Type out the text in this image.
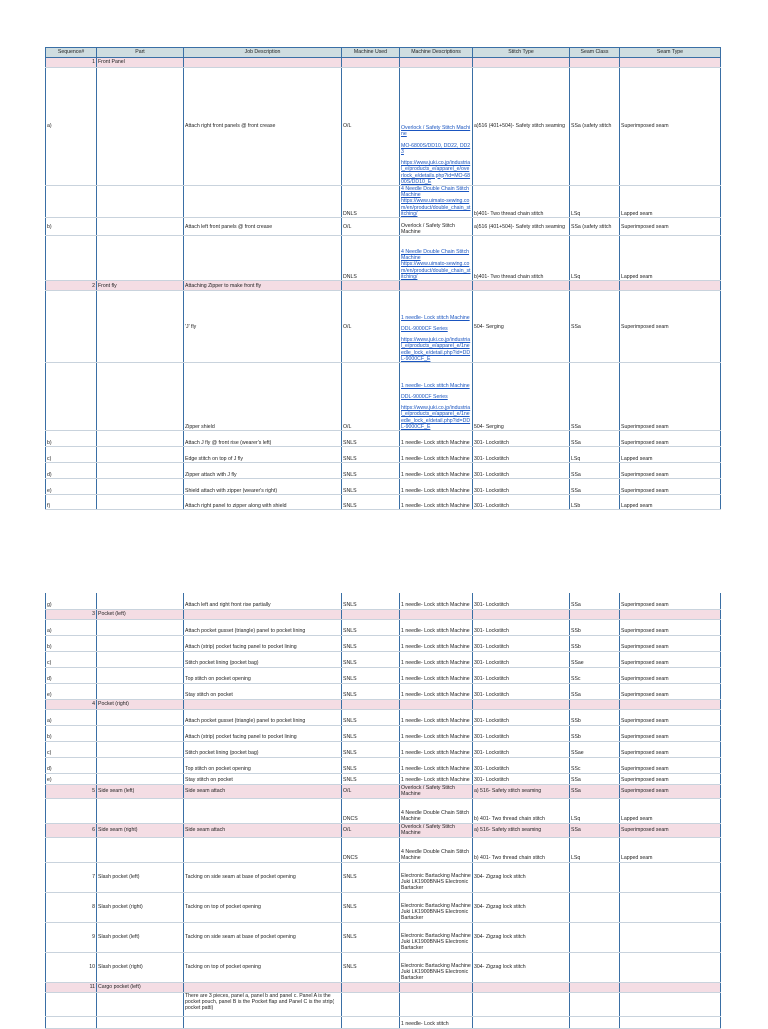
Sequence#	Part	Job Description	Machine Used	Machine Descriptions	Stitch Type	Seam Class	Seam Type
1	Front Panel						
a)		Attach right front panels @ front crease	O/L	Overlock / Safety Stitch Machine
MO-6800S/DD10, DD22, DD23
https://www.juki.co.jp/industrial_e/products_e/apparel_e/overlock_e/details.php?id=MO-6800S/DD10_E	a)516 (401+504)- Safety stitch seaming	SSa (safety stitch	Superimposed seam
			DNLS	4 Needle Double Chain Stitch Machine
https://www.uimato-sewing.com/en/product/double_chain_stitching/	b)401- Two thread chain stitch	LSq	Lapped seam
b)		Attach left front panels @ front crease	O/L	Overlock / Safety Stitch Machine	a)516 (401+504)- Safety stitch seaming	SSa (safety stitch	Superimposed seam
			DNLS	4 Needle Double Chain Stitch Machine
https://www.uimato-sewing.com/en/product/double_chain_stitching/	b)401- Two thread chain stitch	LSq	Lapped seam
2	Front fly	Attaching Zipper to make front fly					
		'J' fly	O/L	1 needle- Lock stitch Machine
DDL-9000CF Series
https://www.juki.co.jp/industrial_e/products_e/apparel_e/1needle_lock_e/detail.php?id=DDL-9000CF_E	504- Serging	SSa	Superimposed seam
		Zipper shield	O/L	1 needle- Lock stitch Machine
DDL-9000CF Series
https://www.juki.co.jp/industrial_e/products_e/apparel_e/1needle_lock_e/detail.php?id=DDL-9000CF_E	504- Serging	SSa	Superimposed seam
b)		Attach J fly @ front rise (wearer's left)	SNLS	1 needle- Lock stitch Machine	301- Lockstitch	SSa	Superimposed seam
c)		Edge stitch on top of J fly	SNLS	1 needle- Lock stitch Machine	301- Lockstitch	LSq	Lapped seam
d)		Zipper attach with J fly	SNLS	1 needle- Lock stitch Machine	301- Lockstitch	SSa	Superimposed seam
e)		Shield attach with zipper (wearer's right)	SNLS	1 needle- Lock stitch Machine	301- Lockstitch	SSa	Superimposed seam
f)		Attach right panel to zipper along with shield	SNLS	1 needle- Lock stitch Machine	301- Lockstitch	LSb	Lapped seam
g)		Attach left and right front rise partially	SNLS	1 needle- Lock stitch Machine	301- Lockstitch	SSa	Superimposed seam
3	Pocket (left)						
a)		Attach pocket gusset (triangle) panel to pocket lining	SNLS	1 needle- Lock stitch Machine	301- Lockstitch	SSb	Superimposed seam
b)		Attach (strip) pocket facing panel to pocket lining	SNLS	1 needle- Lock stitch Machine	301- Lockstitch	SSb	Superimposed seam
c)		Stitch pocket lining (pocket bag)	SNLS	1 needle- Lock stitch Machine	301- Lockstitch	SSae	Superimposed seam
d)		Top stitch on pocket opening	SNLS	1 needle- Lock stitch Machine	301- Lockstitch	SSc	Superimposed seam
e)		Stay stitch on pocket	SNLS	1 needle- Lock stitch Machine	301- Lockstitch	SSa	Superimposed seam
4	Pocket (right)						
a)		Attach pocket gusset (triangle) panel to pocket lining	SNLS	1 needle- Lock stitch Machine	301- Lockstitch	SSb	Superimposed seam
b)		Attach (strip) pocket facing panel to pocket lining	SNLS	1 needle- Lock stitch Machine	301- Lockstitch	SSb	Superimposed seam
c)		Stitch pocket lining (pocket bag)	SNLS	1 needle- Lock stitch Machine	301- Lockstitch	SSae	Superimposed seam
d)		Top stitch on pocket opening	SNLS	1 needle- Lock stitch Machine	301- Lockstitch	SSc	Superimposed seam
e)		Stay stitch on pocket	SNLS	1 needle- Lock stitch Machine	301- Lockstitch	SSa	Superimposed seam
5	Side seam (left)	Side seam attach	O/L	Overlock / Safety Stitch Machine	a) 516- Safety stitch seaming	SSa	Superimposed seam
			DNCS	4 Needle Double Chain Stitch Machine	b) 401- Two thread chain stitch	LSq	Lapped seam
6	Side seam (right)	Side seam attach	O/L	Overlock / Safety Stitch Machine	a) 516- Safety stitch seaming	SSa	Superimposed seam
			DNCS	4 Needle Double Chain Stitch Machine	b) 401- Two thread chain stitch	LSq	Lapped seam
7	Slash pocket (left)	Tacking on side seam at base of pocket opening	SNLS	Electronic Bartacking Machine Juki LK1900BNHS Electronic Bartacker	304- Zigzag lock stitch		
8	Slash pocket (right)	Tacking on top of pocket opening	SNLS	Electronic Bartacking Machine Juki LK1900BNHS Electronic Bartacker	304- Zigzag lock stitch		
9	Slash pocket (left)	Tacking on side seam at base of pocket opening	SNLS	Electronic Bartacking Machine Juki LK1900BNHS Electronic Bartacker	304- Zigzag lock stitch		
10	Slash pocket (right)	Tacking on top of pocket opening	SNLS	Electronic Bartacking Machine Juki LK1900BNHS Electronic Bartacker	304- Zigzag lock stitch		
11	Cargo pocket (left)						
		There are 3 pieces, panel a, panel b and panel c. Panel A is the pocket pouch, panel B is the Pocket flap and Panel C is the strip( pocket patti)					

				1 needle- Lock stitch			
